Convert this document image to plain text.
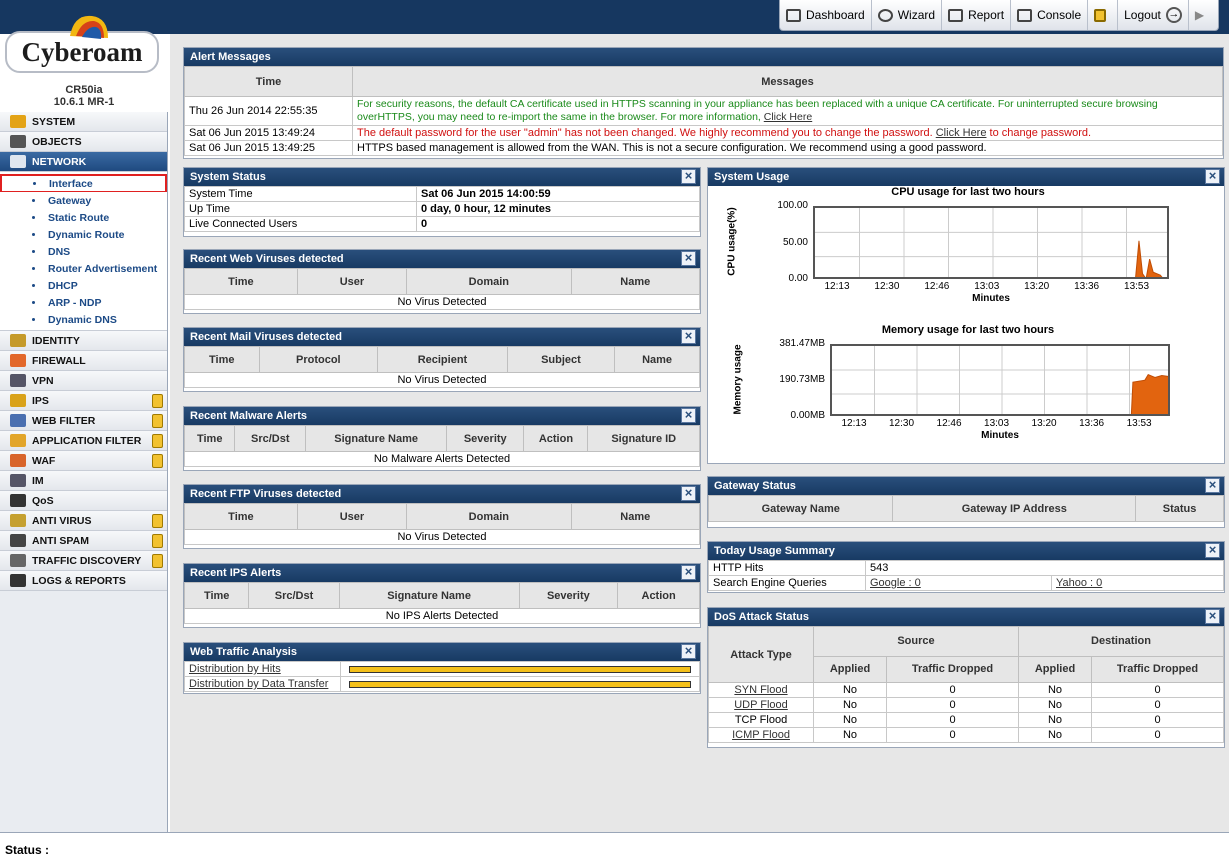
Dashboard	Wizard	Report	Console	Logout → ▶
Cyberoam
CR50ia
10.6.1 MR-1
SYSTEM
OBJECTS
NETWORK
Interface
Gateway
Static Route
Dynamic Route
DNS
Router Advertisement
DHCP
ARP - NDP
Dynamic DNS
IDENTITY
FIREWALL
VPN
IPS
WEB FILTER
APPLICATION FILTER
WAF
IM
QoS
ANTI VIRUS
ANTI SPAM
TRAFFIC DISCOVERY
LOGS & REPORTS
Alert Messages
Time	Messages
Thu 26 Jun 2014 22:55:35	For security reasons, the default CA certificate used in HTTPS scanning in your appliance has been replaced with a unique CA certificate. For uninterrupted secure browsing overHTTPS, you may need to re-import the same in the browser. For more information, Click Here
Sat 06 Jun 2015 13:49:24	The default password for the user "admin" has not been changed. We highly recommend you to change the password. Click Here to change password.
Sat 06 Jun 2015 13:49:25	HTTPS based management is allowed from the WAN. This is not a secure configuration. We recommend using a good password.
System Status	×
System Time	Sat 06 Jun 2015 14:00:59
Up Time	0 day, 0 hour, 12 minutes
Live Connected Users	0
Recent Web Viruses detected	×
Time	User	Domain	Name
No Virus Detected
Recent Mail Viruses detected	×
Time	Protocol	Recipient	Subject	Name
No Virus Detected
Recent Malware Alerts	×
Time	Src/Dst	Signature Name	Severity	Action	Signature ID
No Malware Alerts Detected
Recent FTP Viruses detected	×
Time	User	Domain	Name
No Virus Detected
Recent IPS Alerts	×
Time	Src/Dst	Signature Name	Severity	Action
No IPS Alerts Detected
Web Traffic Analysis	×
Distribution by Hits	

Distribution by Data Transfer	
System Usage	×
CPU usage for last two hours
CPU usage(%)
Minutes
100.00
50.00
0.00
12:13	12:30	12:46	13:03	13:20	13:36	13:53
Memory usage for last two hours
Memory usage
Minutes
381.47MB
190.73MB
0.00MB
12:13	12:30	12:46	13:03	13:20	13:36	13:53
Gateway Status	×
Gateway Name	Gateway IP Address	Status
Today Usage Summary	×
HTTP Hits	543	
Search Engine Queries	Google : 0	Yahoo : 0
DoS Attack Status	×
Attack Type	Source		Destination	
	Applied	Traffic Dropped	Applied	Traffic Dropped
SYN Flood	No	0	No	0
UDP Flood	No	0	No	0
TCP Flood	No	0	No	0
ICMP Flood	No	0	No	0
Status :
